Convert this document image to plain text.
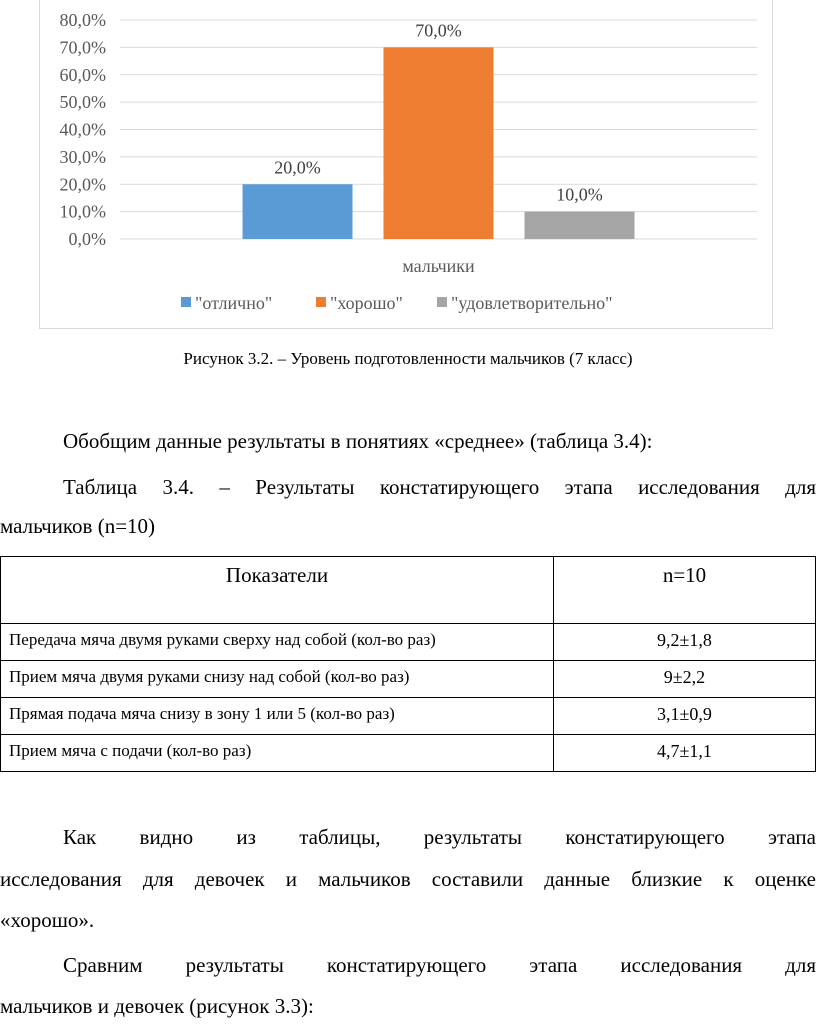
0,0%
10,0%
20,0%
30,0%
40,0%
50,0%
60,0%
70,0%
80,0%
20,0%
70,0%
10,0%
мальчики
"отлично"	"хорошо"	"удовлетворительно"
Рисунок 3.2. – Уровень подготовленности мальчиков (7 класс)
Обобщим данные результаты в понятиях «среднее» (таблица 3.4):
Таблица 3.4. – Результаты констатирующего этапа исследования для
мальчиков (n=10)
Показатели	n=10
Передача мяча двумя руками сверху над собой (кол-во раз)	9,2±1,8
Прием мяча двумя руками снизу над собой (кол-во раз)	9±2,2
Прямая подача мяча снизу в зону 1 или 5 (кол-во раз)	3,1±0,9
Прием мяча с подачи (кол-во раз)	4,7±1,1
Как видно из таблицы, результаты констатирующего этапа
исследования для девочек и мальчиков составили данные близкие к оценке
«хорошо».
Сравним результаты констатирующего этапа исследования для
мальчиков и девочек (рисунок 3.3):
